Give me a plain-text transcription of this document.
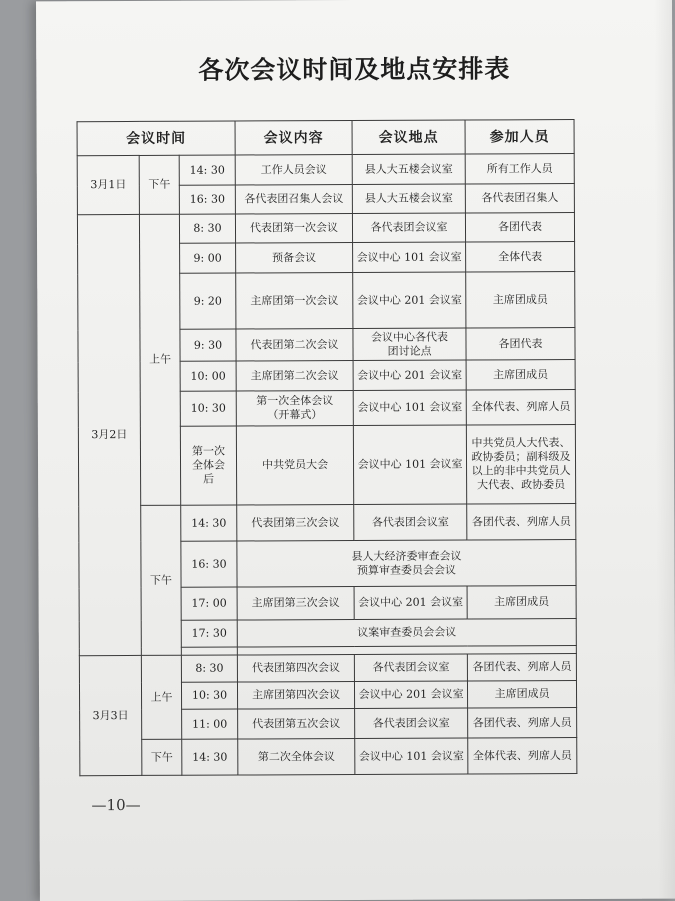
各次会议时间及地点安排表
会议时间			会议内容	会议地点	参加人员
3月1日	下午	14: 30	工作人员会议	县人大五楼会议室	所有工作人员
		16: 30	各代表团召集人会议	县人大五楼会议室	各代表团召集人
3月2日	上午	8: 30	代表团第一次会议	各代表团会议室	各团代表
		9: 00	预备会议	会议中心 101 会议室	全体代表
		9: 20	主席团第一次会议	会议中心 201 会议室	主席团成员
		9: 30	代表团第二次会议	会议中心各代表团讨论点	各团代表
		10: 00	主席团第二次会议	会议中心 201 会议室	主席团成员
		10: 30	第一次全体会议（开幕式）	会议中心 101 会议室	全体代表、列席人员
		第一次全体会后	中共党员大会	会议中心 101 会议室	中共党员人大代表、政协委员；副科级及以上的非中共党员人大代表、政协委员
	下午	14: 30	代表团第三次会议	各代表团会议室	各团代表、列席人员
		16: 30	县人大经济委审查会议
预算审查委员会会议		

		17: 00	主席团第三次会议	会议中心 201 会议室	主席团成员
		17: 30	议案审查委员会会议		

3月3日	上午	8: 30	代表团第四次会议	各代表团会议室	各团代表、列席人员
		10: 30	主席团第四次会议	会议中心 201 会议室	主席团成员
		11: 00	代表团第五次会议	各代表团会议室	各团代表、列席人员
	下午	14: 30	第二次全体会议	会议中心 101 会议室	全体代表、列席人员
—10—
